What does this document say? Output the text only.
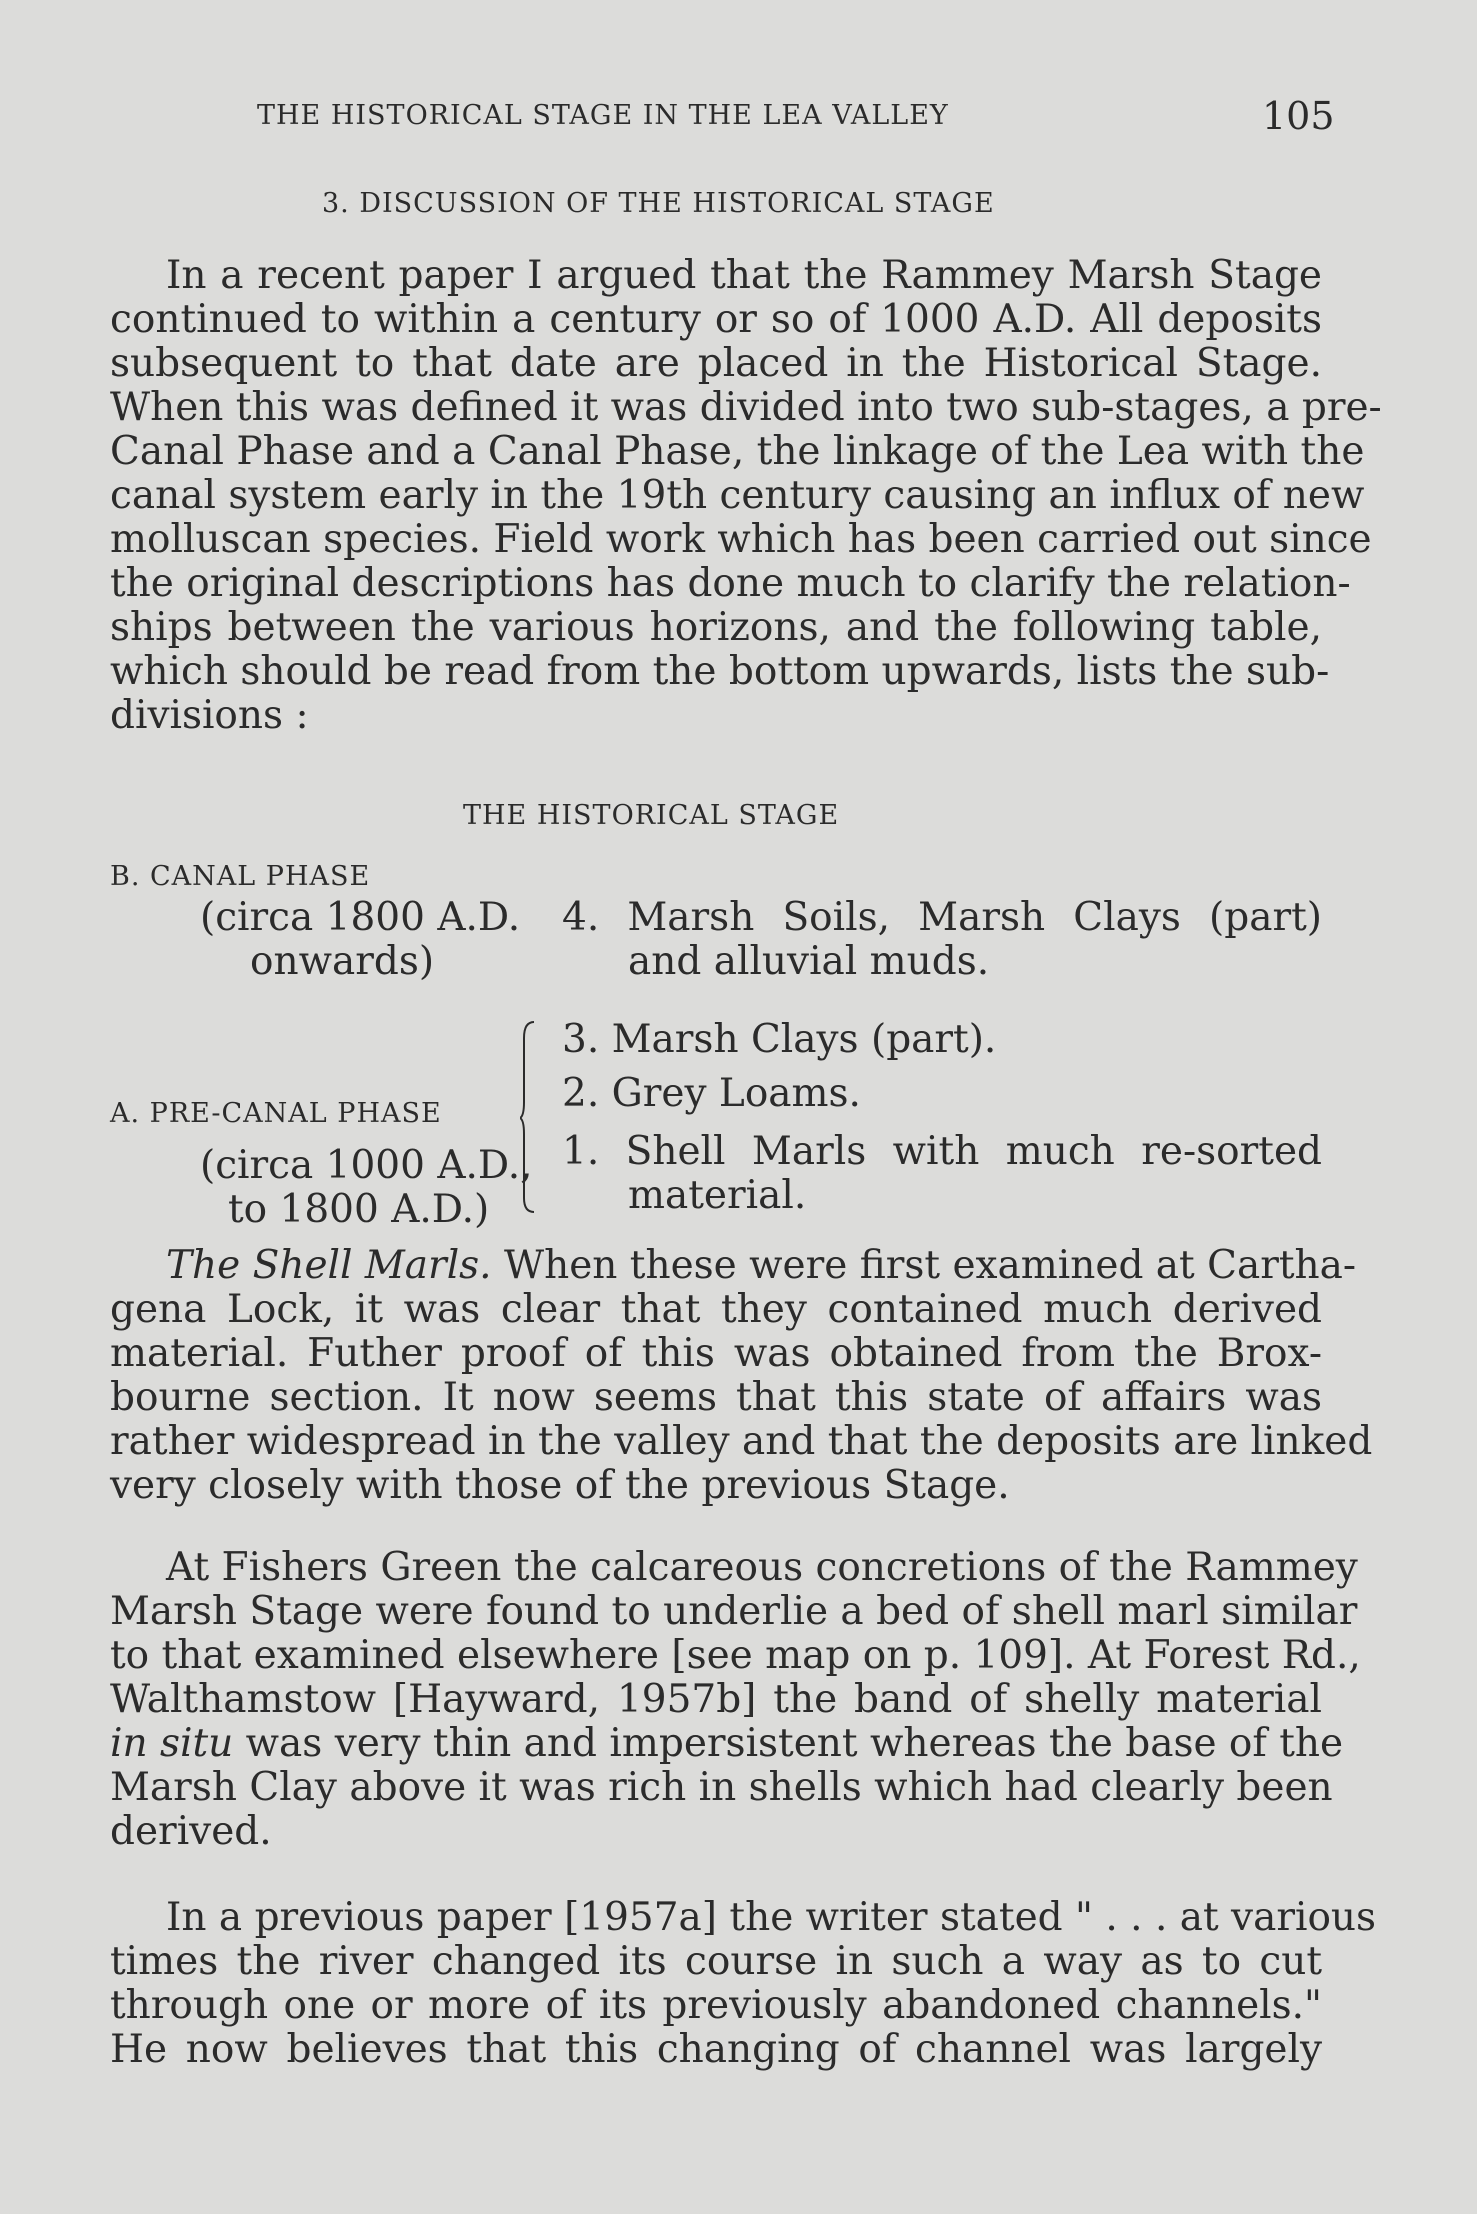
THE HISTORICAL STAGE IN THE LEA VALLEY	105
3. DISCUSSION OF THE HISTORICAL STAGE
In a recent paper I argued that the Rammey Marsh Stage
continued to within a century or so of 1000 A.D. All deposits
subsequent to that date are placed in the Historical Stage.
When this was defined it was divided into two sub-stages, a pre-
Canal Phase and a Canal Phase, the linkage of the Lea with the
canal system early in the 19th century causing an influx of new
molluscan species. Field work which has been carried out since
the original descriptions has done much to clarify the relation-
ships between the various horizons, and the following table,
which should be read from the bottom upwards, lists the sub-
divisions :
THE HISTORICAL STAGE
B. CANAL PHASE
(circa 1800 A.D.
onwards)
4. Marsh Soils, Marsh Clays (part)
and alluvial muds.
A. PRE-CANAL PHASE
(circa 1000 A.D.,
to 1800 A.D.)
3. Marsh Clays (part).
2. Grey Loams.
1. Shell Marls with much re-sorted
material.
The Shell Marls. When these were first examined at Cartha-
gena Lock, it was clear that they contained much derived
material. Futher proof of this was obtained from the Brox-
bourne section. It now seems that this state of affairs was
rather widespread in the valley and that the deposits are linked
very closely with those of the previous Stage.
At Fishers Green the calcareous concretions of the Rammey
Marsh Stage were found to underlie a bed of shell marl similar
to that examined elsewhere [see map on p. 109]. At Forest Rd.,
Walthamstow [Hayward, 1957b] the band of shelly material
in situ was very thin and impersistent whereas the base of the
Marsh Clay above it was rich in shells which had clearly been
derived.
In a previous paper [1957a] the writer stated " . . . at various
times the river changed its course in such a way as to cut
through one or more of its previously abandoned channels."
He now believes that this changing of channel was largely
